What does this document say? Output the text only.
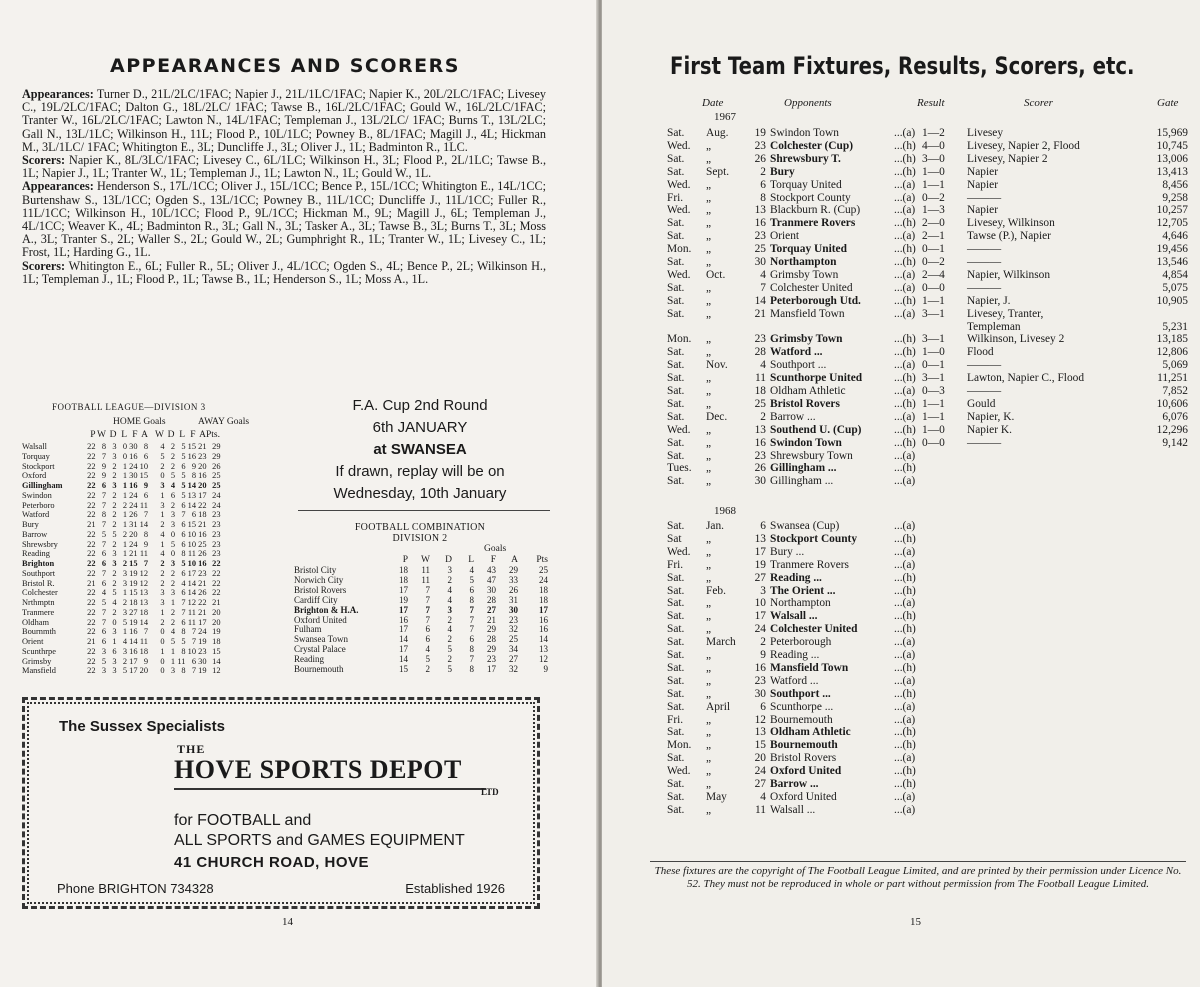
APPEARANCES AND SCORERS

Appearances: Turner D., 21L/2LC/1FAC; Napier J., 21L/1LC/1FAC; Napier K., 20L/2LC/1FAC; Livesey C., 19L/2LC/1FAC; Dalton G., 18L/2LC/ 1FAC; Tawse B., 16L/2LC/1FAC; Gould W., 16L/2LC/1FAC; Tranter W., 16L/2LC/1FAC; Lawton N., 14L/1FAC; Templeman J., 13L/2LC/ 1FAC; Burns T., 13L/2LC; Gall N., 13L/1LC; Wilkinson H., 11L; Flood P., 10L/1LC; Powney B., 8L/1FAC; Magill J., 4L; Hickman M., 3L/1LC/ 1FAC; Whitington E., 3L; Duncliffe J., 3L; Oliver J., 1L; Badminton R., 1LC.

Scorers: Napier K., 8L/3LC/1FAC; Livesey C., 6L/1LC; Wilkinson H., 3L; Flood P., 2L/1LC; Tawse B., 1L; Napier J., 1L; Tranter W., 1L; Templeman J., 1L; Lawton N., 1L; Gould W., 1L.

Appearances: Henderson S., 17L/1CC; Oliver J., 15L/1CC; Bence P., 15L/1CC; Whitington E., 14L/1CC; Burtenshaw S., 13L/1CC; Ogden S., 13L/1CC; Powney B., 11L/1CC; Duncliffe J., 11L/1CC; Fuller R., 11L/1CC; Wilkinson H., 10L/1CC; Flood P., 9L/1CC; Hickman M., 9L; Magill J., 6L; Templeman J., 4L/1CC; Weaver K., 4L; Badminton R., 3L; Gall N., 3L; Tasker A., 3L; Tawse B., 3L; Burns T., 3L; Moss A., 3L; Tranter S., 2L; Waller S., 2L; Gould W., 2L; Gumphright R., 1L; Tranter W., 1L; Livesey C., 1L; Frost, 1L; Harding G., 1L.

Scorers: Whitington E., 6L; Fuller R., 5L; Oliver J., 4L/1CC; Ogden S., 4L; Bence P., 2L; Wilkinson H., 1L; Templeman J., 1L; Flood P., 1L; Tawse B., 1L; Henderson S., 1L; Moss A., 1L.

FOOTBALL LEAGUE—DIVISION 3
HOME Goals	AWAY Goals
P W D L F A W D L F APts.
Walsall	22	8	3	0	30	8		4	2	5	15	21	29
Torquay	22	7	3	0	16	6		5	2	5	16	23	29
Stockport	22	9	2	1	24	10		2	2	6	9	20	26
Oxford	22	9	2	1	30	15		0	5	5	8	16	25
Gillingham	22	6	3	1	16	9		3	4	5	14	20	25
Swindon	22	7	2	1	24	6		1	6	5	13	17	24
Peterboro	22	7	2	2	24	11		3	2	6	14	22	24
Watford	22	8	2	1	26	7		1	3	7	6	18	23
Bury	21	7	2	1	31	14		2	3	6	15	21	23
Barrow	22	5	5	2	20	8		4	0	6	10	16	23
Shrewsbry	22	7	2	1	24	9		1	5	6	10	25	23
Reading	22	6	3	1	21	11		4	0	8	11	26	23
Brighton	22	6	3	2	15	7		2	3	5	10	16	22
Southport	22	7	2	3	19	12		2	2	6	17	23	22
Bristol R.	21	6	2	3	19	12		2	2	4	14	21	22
Colchester	22	4	5	1	15	13		3	3	6	14	26	22
Nrthmptn	22	5	4	2	18	13		3	1	7	12	22	21
Tranmere	22	7	2	3	27	18		1	2	7	11	21	20
Oldham	22	7	0	5	19	14		2	2	6	11	17	20
Bournmth	22	6	3	1	16	7		0	4	8	7	24	19
Orient	21	6	1	4	14	11		0	5	5	7	19	18
Scunthrpe	22	3	6	3	16	18		1	1	8	10	23	15
Grimsby	22	5	3	2	17	9		0	1	11	6	30	14
Mansfield	22	3	3	5	17	20		0	3	8	7	19	12
F.A. Cup 2nd Round
6th JANUARY
at SWANSEA
If drawn, replay will be on
Wednesday, 10th January
FOOTBALL COMBINATION
DIVISION 2
Goals
P W D L F A Pts
Bristol City	18	11	3	4	43	29	25
Norwich City	18	11	2	5	47	33	24
Bristol Rovers	17	7	4	6	30	26	18
Cardiff City	19	7	4	8	28	31	18
Brighton & H.A.	17	7	3	7	27	30	17
Oxford United	16	7	2	7	21	23	16
Fulham	17	6	4	7	29	32	16
Swansea Town	14	6	2	6	28	25	14
Crystal Palace	17	4	5	8	29	34	13
Reading	14	5	2	7	23	27	12
Bournemouth	15	2	5	8	17	32	9
The Sussex Specialists
THE
HOVE SPORTS DEPOT
LTD
for FOOTBALL and
ALL SPORTS and GAMES EQUIPMENT
41 CHURCH ROAD, HOVE
Phone BRIGHTON 734328	Established 1926
14
First Team Fixtures, Results, Scorers, etc.
Date	Opponents	Result	Scorer	Gate
1967
Sat. Aug.	19 Swindon Town	...(a) 1—2 Livesey	15,969
Wed. „	23 Colchester (Cup)	...(h) 4—0 Livesey, Napier 2, Flood	10,745
Sat. „	26 Shrewsbury T.	...(h) 3—0 Livesey, Napier 2	13,006
Sat. Sept.	2 Bury	...(h) 1—0 Napier	13,413
Wed. „	6 Torquay United	...(a) 1—1 Napier	8,456
Fri. „	8 Stockport County	...(a) 0—2 ———	9,258
Wed. „	13 Blackburn R. (Cup)	...(a) 1—3 Napier	10,257
Sat. „	16 Tranmere Rovers	...(h) 2—0 Livesey, Wilkinson	12,705
Sat. „	23 Orient	...(a) 2—1 Tawse (P.), Napier	4,646
Mon. „	25 Torquay United	...(h) 0—1 ———	19,456
Sat. „	30 Northampton	...(h) 0—2 ———	13,546
Wed. Oct.	4 Grimsby Town	...(a) 2—4 Napier, Wilkinson	4,854
Sat. „	7 Colchester United	...(a) 0—0 ———	5,075
Sat. „	14 Peterborough Utd.	...(h) 1—1 Napier, J.	10,905
Sat. „	21 Mansfield Town	...(a) 3—1 Livesey, Tranter,
Templeman	5,231
Mon. „	23 Grimsby Town	...(h) 3—1 Wilkinson, Livesey 2	13,185
Sat. „	28 Watford ...	...(h) 1—0 Flood	12,806
Sat. Nov.	4 Southport ...	...(a) 0—1 ———	5,069
Sat. „	11 Scunthorpe United	...(h) 3—1 Lawton, Napier C., Flood	11,251
Sat. „	18 Oldham Athletic	...(a) 0—3 ———	7,852
Sat. „	25 Bristol Rovers	...(h) 1—1 Gould	10,606
Sat. Dec.	2 Barrow ...	...(a) 1—1 Napier, K.	6,076
Wed. „	13 Southend U. (Cup)	...(h) 1—0 Napier K.	12,296
Sat. „	16 Swindon Town	...(h) 0—0 ———	9,142
Sat. „	23 Shrewsbury Town	...(a)
Tues. „	26 Gillingham ...	...(h)
Sat. „	30 Gillingham ...	...(a)
1968
Sat. Jan.	6 Swansea (Cup)	...(a)
Sat „	13 Stockport County	...(h)
Wed. „	17 Bury ...	...(a)
Fri. „	19 Tranmere Rovers	...(a)
Sat. „	27 Reading ...	...(h)
Sat. Feb.	3 The Orient ...	...(h)
Sat. „	10 Northampton	...(a)
Sat. „	17 Walsall ...	...(h)
Sat. „	24 Colchester United	...(h)
Sat. March	2 Peterborough	...(a)
Sat. „	9 Reading ...	...(a)
Sat. „	16 Mansfield Town	...(h)
Sat. „	23 Watford ...	...(a)
Sat. „	30 Southport ...	...(h)
Sat. April	6 Scunthorpe ...	...(a)
Fri. „	12 Bournemouth	...(a)
Sat. „	13 Oldham Athletic	...(h)
Mon. „	15 Bournemouth	...(h)
Sat. „	20 Bristol Rovers	...(a)
Wed. „	24 Oxford United	...(h)
Sat. „	27 Barrow ...	...(h)
Sat. May	4 Oxford United	...(a)
Sat. „	11 Walsall ...	...(a)
These fixtures are the copyright of The Football League Limited, and are printed by their permission under Licence No. 52. They must not be reproduced in whole or part without permission from The Football League Limited.
15
